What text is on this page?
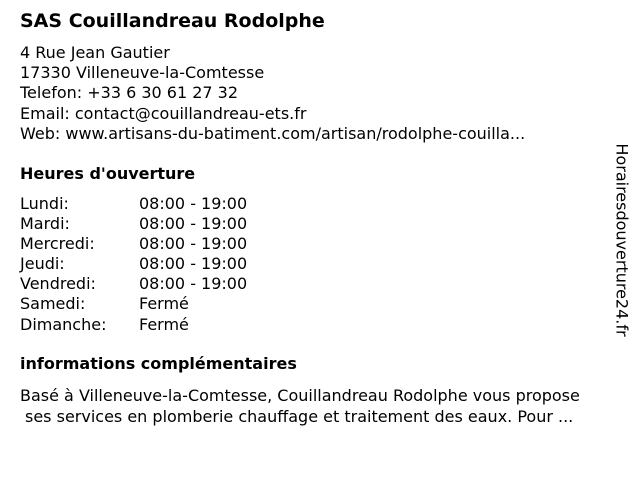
SAS Couillandreau Rodolphe
4 Rue Jean Gautier
17330 Villeneuve-la-Comtesse
Telefon: +33 6 30 61 27 32
Email: contact@couillandreau-ets.fr
Web: www.artisans-du-batiment.com/artisan/rodolphe-couilla...
Heures d'ouverture
Lundi:	08:00 - 19:00
Mardi:	08:00 - 19:00
Mercredi:	08:00 - 19:00
Jeudi:	08:00 - 19:00
Vendredi:	08:00 - 19:00
Samedi:	Fermé
Dimanche: Fermé
informations complémentaires
Basé à Villeneuve-la-Comtesse, Couillandreau Rodolphe vous propose
ses services en plomberie chauffage et traitement des eaux. Pour ...
Horairesdouverture24.fr
